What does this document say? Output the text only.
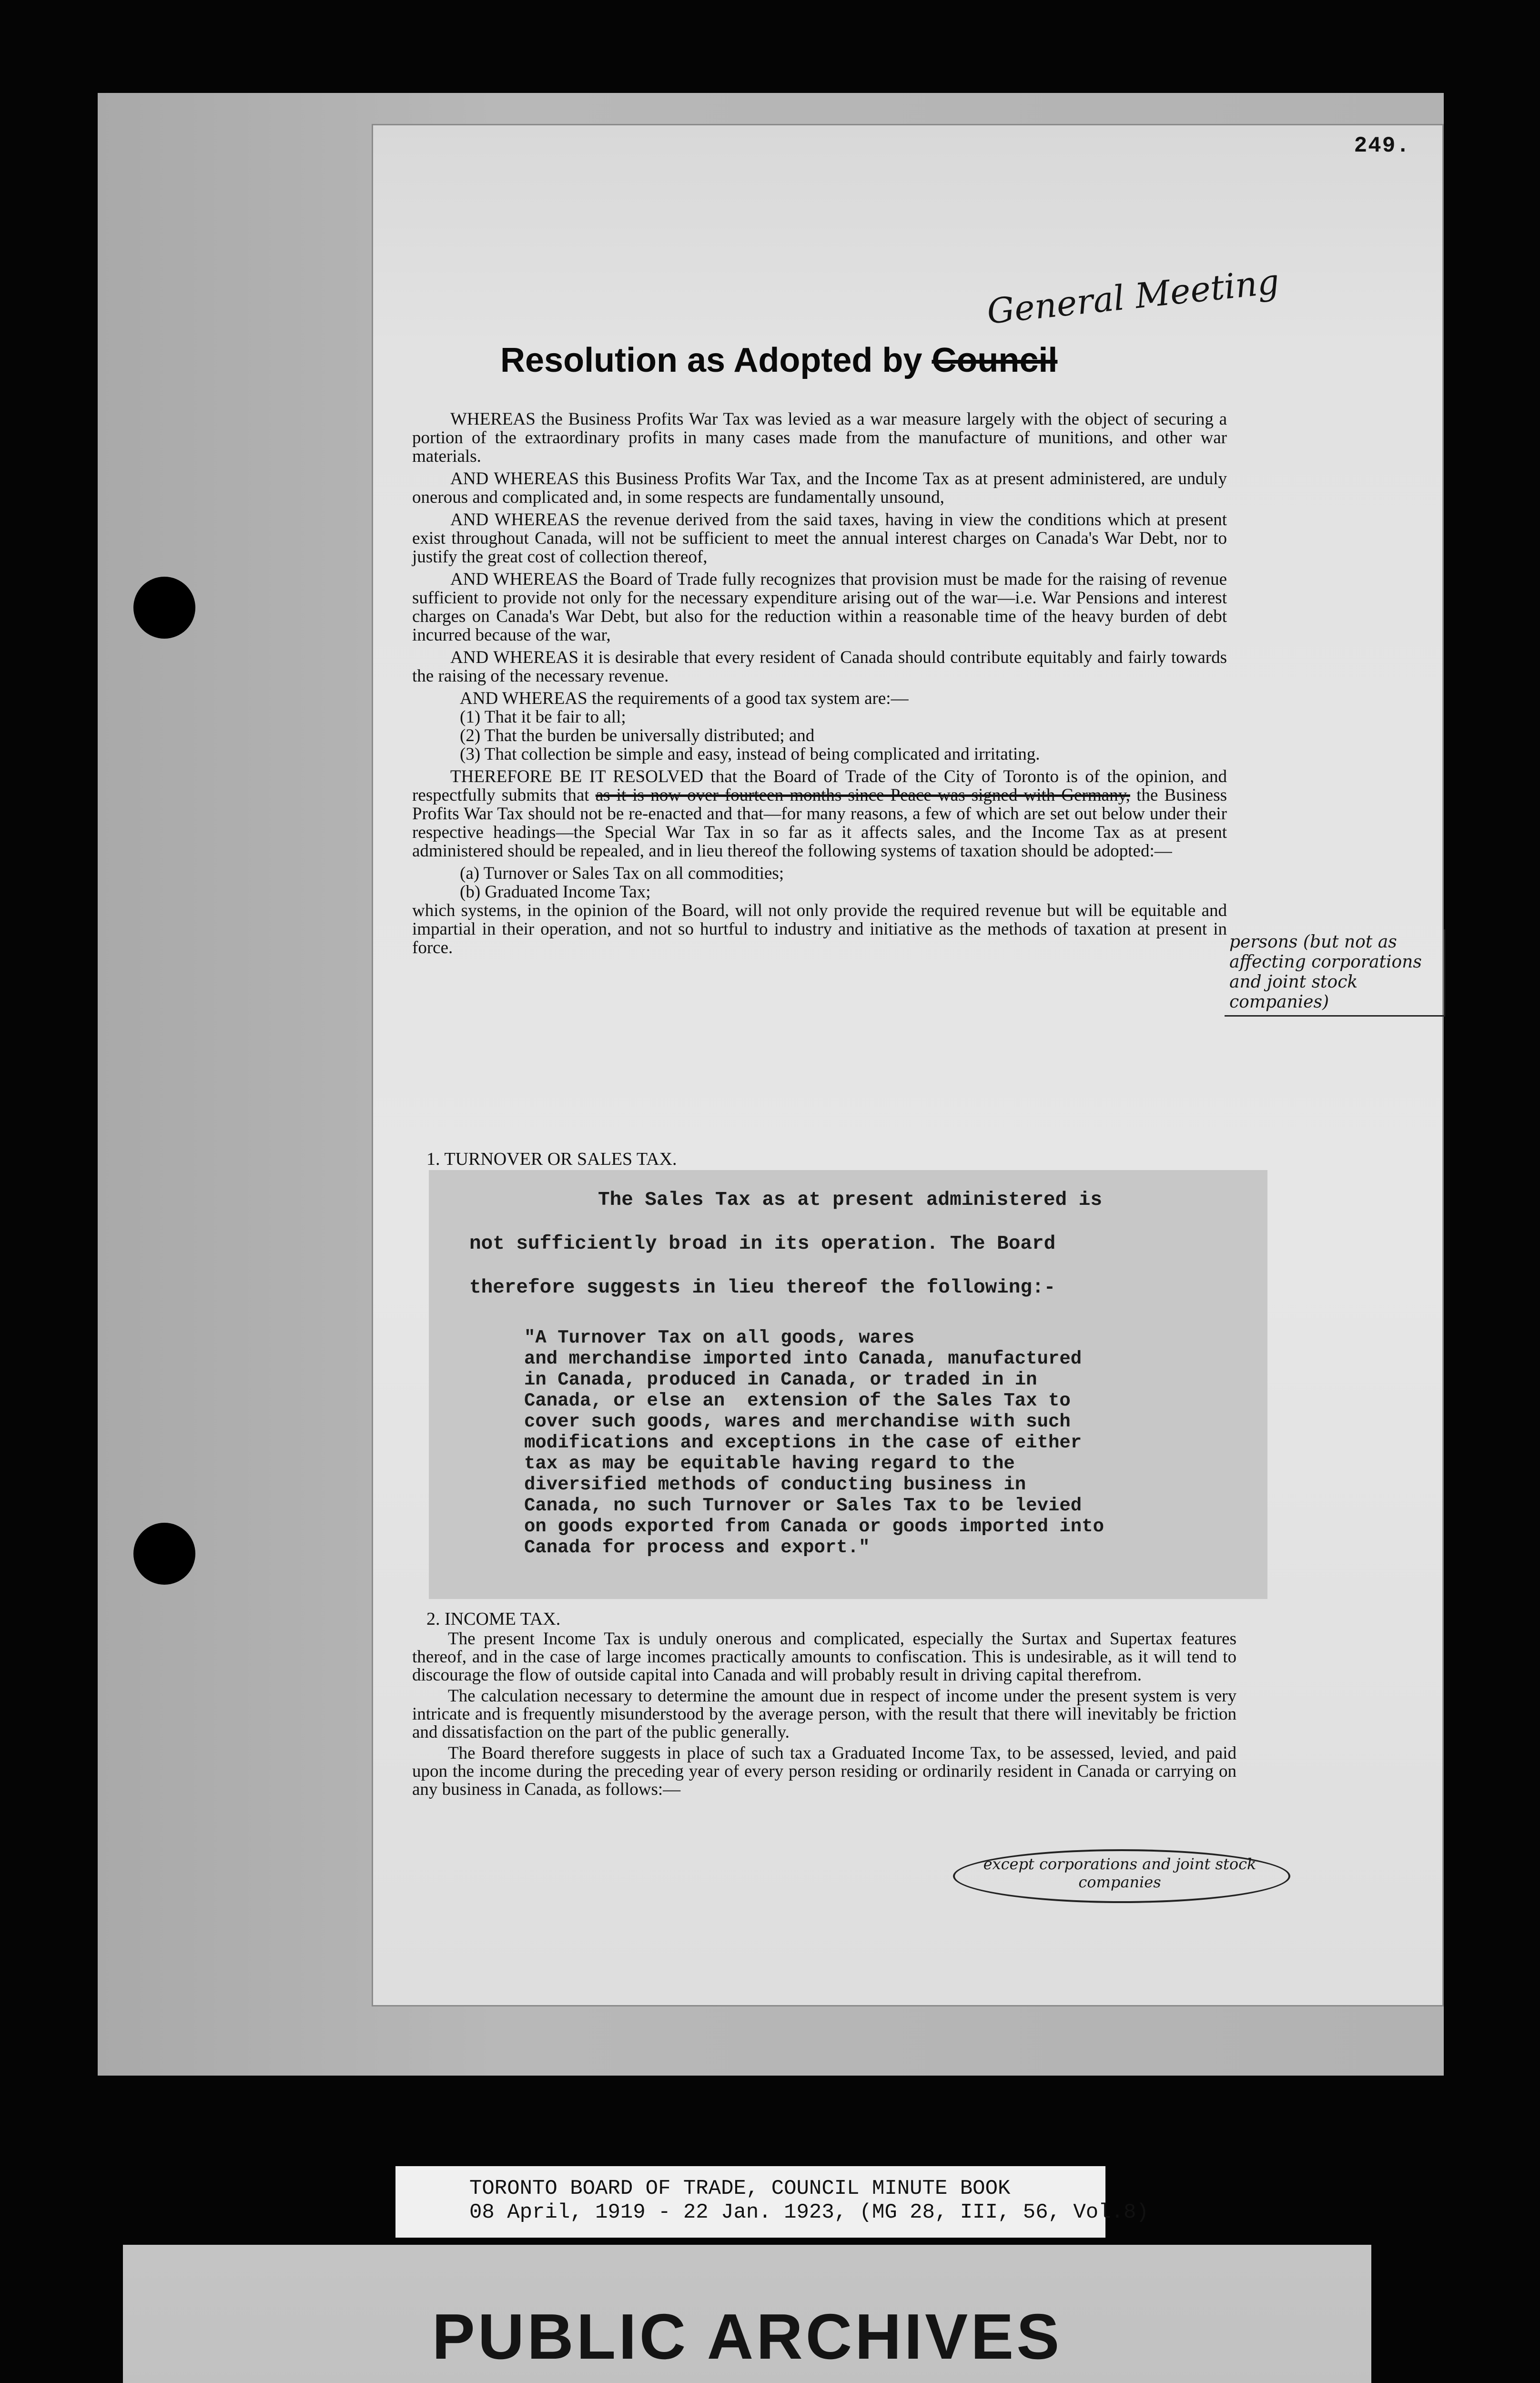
249.
General Meeting
Resolution as Adopted by Council

WHEREAS the Business Profits War Tax was levied as a war measure largely with the object of securing a portion of the extraordinary profits in many cases made from the manufacture of munitions, and other war materials.

AND WHEREAS this Business Profits War Tax, and the Income Tax as at present administered, are unduly onerous and complicated and, in some respects are fundamentally unsound,

AND WHEREAS the revenue derived from the said taxes, having in view the conditions which at present exist throughout Canada, will not be sufficient to meet the annual interest charges on Canada's War Debt, nor to justify the great cost of collection thereof,

AND WHEREAS the Board of Trade fully recognizes that provision must be made for the raising of revenue sufficient to provide not only for the necessary expenditure arising out of the war—i.e. War Pensions and interest charges on Canada's War Debt, but also for the reduction within a reasonable time of the heavy burden of debt incurred because of the war,

AND WHEREAS it is desirable that every resident of Canada should contribute equitably and fairly towards the raising of the necessary revenue.

AND WHEREAS the requirements of a good tax system are:—
(1) That it be fair to all;
(2) That the burden be universally distributed; and
(3) That collection be simple and easy, instead of being complicated and irritating.

THEREFORE BE IT RESOLVED that the Board of Trade of the City of Toronto is of the opinion, and respectfully submits that as it is now over fourteen months since Peace was signed with Germany, the Business Profits War Tax should not be re-enacted and that—for many reasons, a few of which are set out below under their respective headings—the Special War Tax in so far as it affects sales, and the Income Tax as at present administered should be repealed, and in lieu thereof the following systems of taxation should be adopted:—

(a) Turnover or Sales Tax on all commodities;
(b) Graduated Income Tax;

which systems, in the opinion of the Board, will not only provide the required revenue but will be equitable and impartial in their operation, and not so hurtful to industry and initiative as the methods of taxation at present in force.	persons (but not as affecting corporations and joint stock companies)
1. TURNOVER OR SALES TAX.
The Sales Tax as at present administered is
not sufficiently broad in its operation. The Board
therefore suggests in lieu thereof the following:-
"A Turnover Tax on all goods, wares
and merchandise imported into Canada, manufactured
in Canada, produced in Canada, or traded in in
Canada, or else an  extension of the Sales Tax to
cover such goods, wares and merchandise with such
modifications and exceptions in the case of either
tax as may be equitable having regard to the
diversified methods of conducting business in
Canada, no such Turnover or Sales Tax to be levied
on goods exported from Canada or goods imported into
Canada for process and export."
2. INCOME TAX.

The present Income Tax is unduly onerous and complicated, especially the Surtax and Supertax features thereof, and in the case of large incomes practically amounts to confiscation. This is undesirable, as it will tend to discourage the flow of outside capital into Canada and will probably result in driving capital therefrom.

The calculation necessary to determine the amount due in respect of income under the present system is very intricate and is frequently misunderstood by the average person, with the result that there will inevitably be friction and dissatisfaction on the part of the public generally.

The Board therefore suggests in place of such tax a Graduated Income Tax, to be assessed, levied, and paid upon the income during the preceding year of every person residing or ordinarily resident in Canada or carrying on any business in Canada, as follows:—

except corporations and joint stock companies
TORONTO BOARD OF TRADE, COUNCIL MINUTE BOOK
08 April, 1919 - 22 Jan. 1923, (MG 28, III, 56, Vol.8)
PUBLIC ARCHIVES
